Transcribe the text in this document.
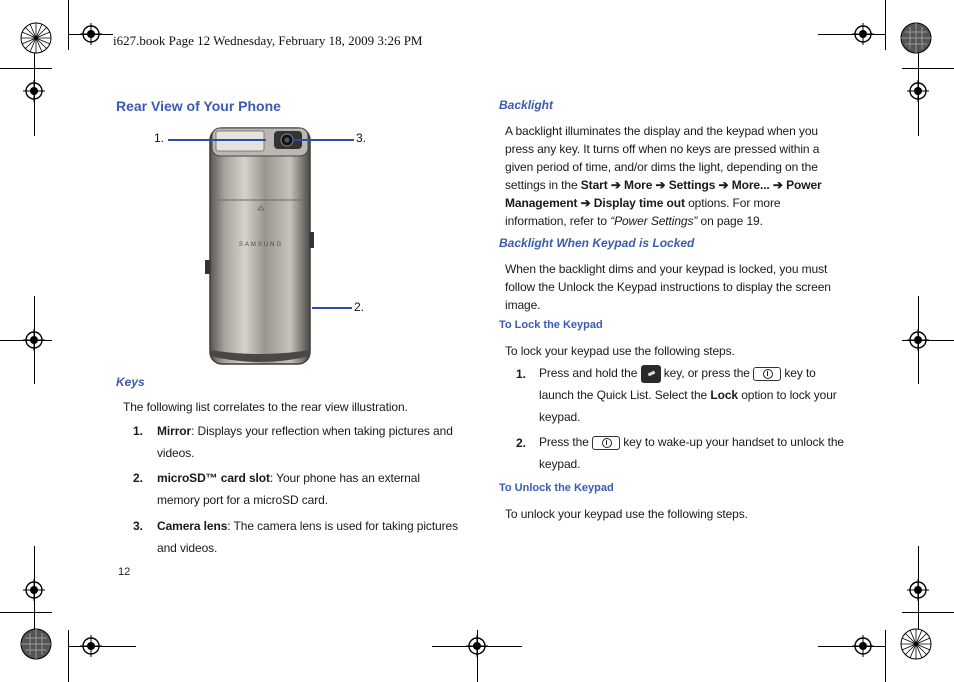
i627.book Page 12 Wednesday, February 18, 2009 3:26 PM
Rear View of Your Phone
SAMSUNG
1.	3.
2.
Keys
The following list correlates to the rear view illustration.
1. Mirror: Displays your reflection when taking pictures and videos.
2. microSD™ card slot: Your phone has an external memory port for a microSD card.
3. Camera lens: The camera lens is used for taking pictures and videos.
12
Backlight
A backlight illuminates the display and the keypad when you press any key. It turns off when no keys are pressed within a given period of time, and/or dims the light, depending on the settings in the Start ➔ More ➔ Settings ➔ More... ➔ Power Management ➔ Display time out options. For more information, refer to “Power Settings” on page 19.
Backlight When Keypad is Locked
When the backlight dims and your keypad is locked, you must follow the Unlock the Keypad instructions to display the screen image.
To Lock the Keypad
To lock your keypad use the following steps.
1. Press and hold the  key, or press the
key to launch the Quick List. Select the Lock option to lock your keypad.
2. Press the
key to wake-up your handset to unlock the keypad.
To Unlock the Keypad
To unlock your keypad use the following steps.
